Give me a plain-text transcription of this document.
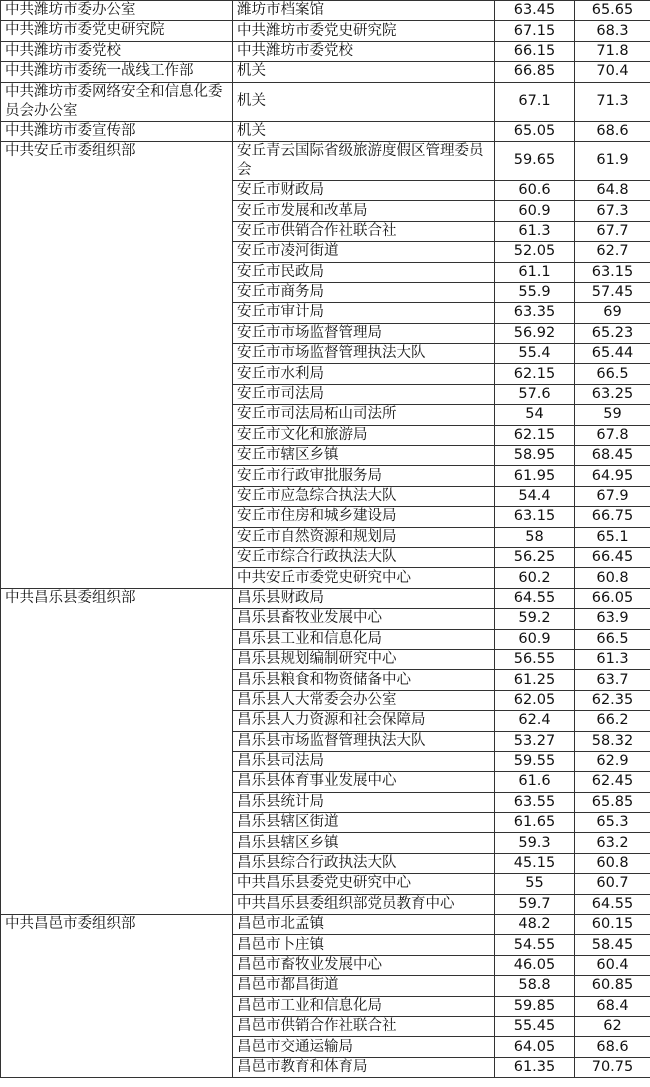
中共潍坊市委办公室	潍坊市档案馆	63.45	65.65
中共潍坊市委党史研究院	中共潍坊市委党史研究院	67.15	68.3
中共潍坊市委党校	中共潍坊市委党校	66.15	71.8
中共潍坊市委统一战线工作部	机关	66.85	70.4
中共潍坊市委网络安全和信息化委员会办公室	机关	67.1	71.3
中共潍坊市委宣传部	机关	65.05	68.6
中共安丘市委组织部	安丘青云国际省级旅游度假区管理委员会	59.65	61.9
	安丘市财政局	60.6	64.8
	安丘市发展和改革局	60.9	67.3
	安丘市供销合作社联合社	61.3	67.7
	安丘市凌河街道	52.05	62.7
	安丘市民政局	61.1	63.15
	安丘市商务局	55.9	57.45
	安丘市审计局	63.35	69
	安丘市市场监督管理局	56.92	65.23
	安丘市市场监督管理执法大队	55.4	65.44
	安丘市水利局	62.15	66.5
	安丘市司法局	57.6	63.25
	安丘市司法局柘山司法所	54	59
	安丘市文化和旅游局	62.15	67.8
	安丘市辖区乡镇	58.95	68.45
	安丘市行政审批服务局	61.95	64.95
	安丘市应急综合执法大队	54.4	67.9
	安丘市住房和城乡建设局	63.15	66.75
	安丘市自然资源和规划局	58	65.1
	安丘市综合行政执法大队	56.25	66.45
	中共安丘市委党史研究中心	60.2	60.8
中共昌乐县委组织部	昌乐县财政局	64.55	66.05
	昌乐县畜牧业发展中心	59.2	63.9
	昌乐县工业和信息化局	60.9	66.5
	昌乐县规划编制研究中心	56.55	61.3
	昌乐县粮食和物资储备中心	61.25	63.7
	昌乐县人大常委会办公室	62.05	62.35
	昌乐县人力资源和社会保障局	62.4	66.2
	昌乐县市场监督管理执法大队	53.27	58.32
	昌乐县司法局	59.55	62.9
	昌乐县体育事业发展中心	61.6	62.45
	昌乐县统计局	63.55	65.85
	昌乐县辖区街道	61.65	65.3
	昌乐县辖区乡镇	59.3	63.2
	昌乐县综合行政执法大队	45.15	60.8
	中共昌乐县委党史研究中心	55	60.7
	中共昌乐县委组织部党员教育中心	59.7	64.55
中共昌邑市委组织部	昌邑市北孟镇	48.2	60.15
	昌邑市卜庄镇	54.55	58.45
	昌邑市畜牧业发展中心	46.05	60.4
	昌邑市都昌街道	58.8	60.85
	昌邑市工业和信息化局	59.85	68.4
	昌邑市供销合作社联合社	55.45	62
	昌邑市交通运输局	64.05	68.6
	昌邑市教育和体育局	61.35	70.75
